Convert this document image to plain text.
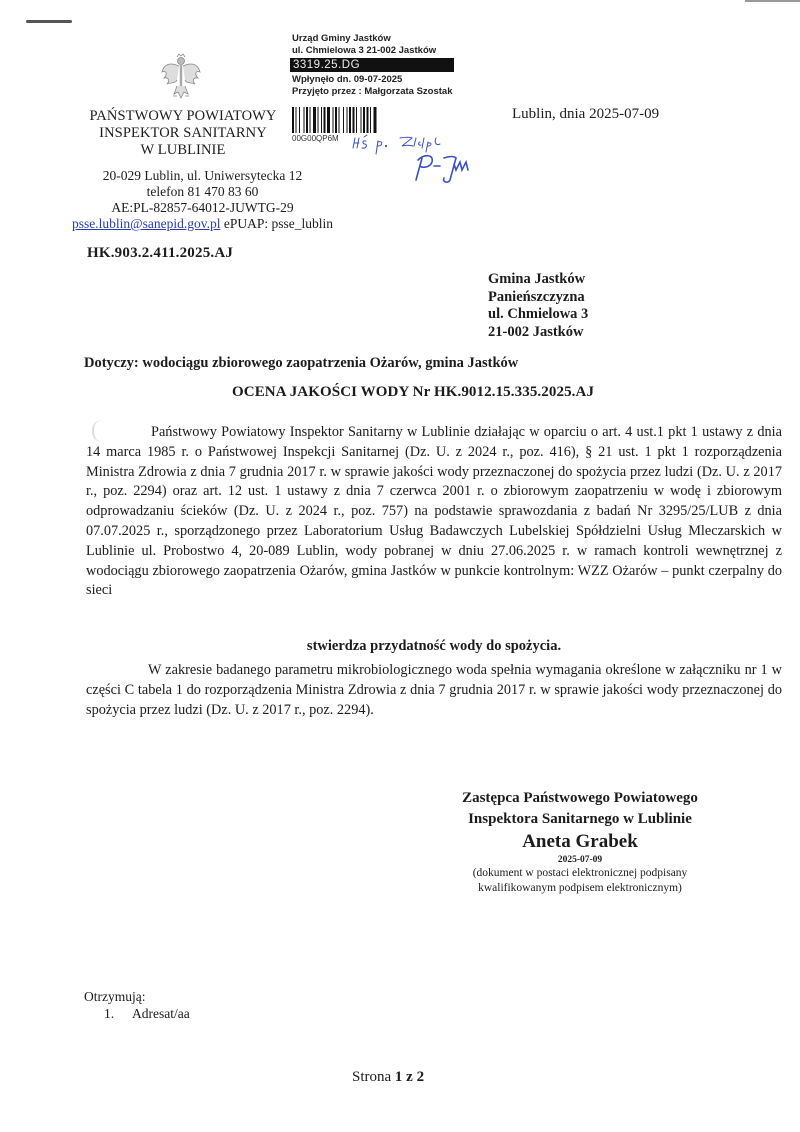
PAŃSTWOWY POWIATOWY
INSPEKTOR SANITARNY
W LUBLINIE
20-029 Lublin, ul. Uniwersytecka 12
telefon 81 470 83 60
AE:PL-82857-64012-JUWTG-29
psse.lublin@sanepid.gov.pl ePUAP: psse_lublin
Urząd Gminy Jastków
ul. Chmielowa 3 21-002 Jastków
3319.25.DG
Wpłynęło dn. 09-07-2025
Przyjęto przez : Małgorzata Szostak
00G00QP6M
Lublin, dnia 2025-07-09
HK.903.2.411.2025.AJ
Gmina Jastków
Panieńszczyzna
ul. Chmielowa 3
21-002 Jastków
Dotyczy: wodociągu zbiorowego zaopatrzenia Ożarów, gmina Jastków
OCENA JAKOŚCI WODY Nr HK.9012.15.335.2025.AJ
Państwowy Powiatowy Inspektor Sanitarny w Lublinie działając w oparciu o art. 4 ust.1 pkt 1 ustawy z dnia 14 marca 1985 r. o Państwowej Inspekcji Sanitarnej (Dz. U. z 2024 r., poz. 416), § 21 ust. 1 pkt 1 rozporządzenia Ministra Zdrowia z dnia 7 grudnia 2017 r. w sprawie jakości wody przeznaczonej do spożycia przez ludzi (Dz. U. z 2017 r., poz. 2294) oraz art. 12 ust. 1 ustawy z dnia 7 czerwca 2001 r. o zbiorowym zaopatrzeniu w wodę i zbiorowym odprowadzaniu ścieków (Dz. U. z 2024 r., poz. 757) na podstawie sprawozdania z badań Nr 3295/25/LUB z dnia 07.07.2025 r., sporządzonego przez Laboratorium Usług Badawczych Lubelskiej Spółdzielni Usług Mleczarskich w Lublinie ul. Probostwo 4, 20-089 Lublin, wody pobranej w dniu 27.06.2025 r. w ramach kontroli wewnętrznej z wodociągu zbiorowego zaopatrzenia Ożarów, gmina Jastków w punkcie kontrolnym: WZZ Ożarów – punkt czerpalny do sieci
stwierdza przydatność wody do spożycia.
W zakresie badanego parametru mikrobiologicznego woda spełnia wymagania określone w załączniku nr 1 w części C tabela 1 do rozporządzenia Ministra Zdrowia z dnia 7 grudnia 2017 r. w sprawie jakości wody przeznaczonej do spożycia przez ludzi (Dz. U. z 2017 r., poz. 2294).
Zastępca Państwowego Powiatowego
Inspektora Sanitarnego w Lublinie
Aneta Grabek
2025-07-09
(dokument w postaci elektronicznej podpisany
kwalifikowanym podpisem elektronicznym)
Otrzymują:
1. Adresat/aa
Strona 1 z 2
